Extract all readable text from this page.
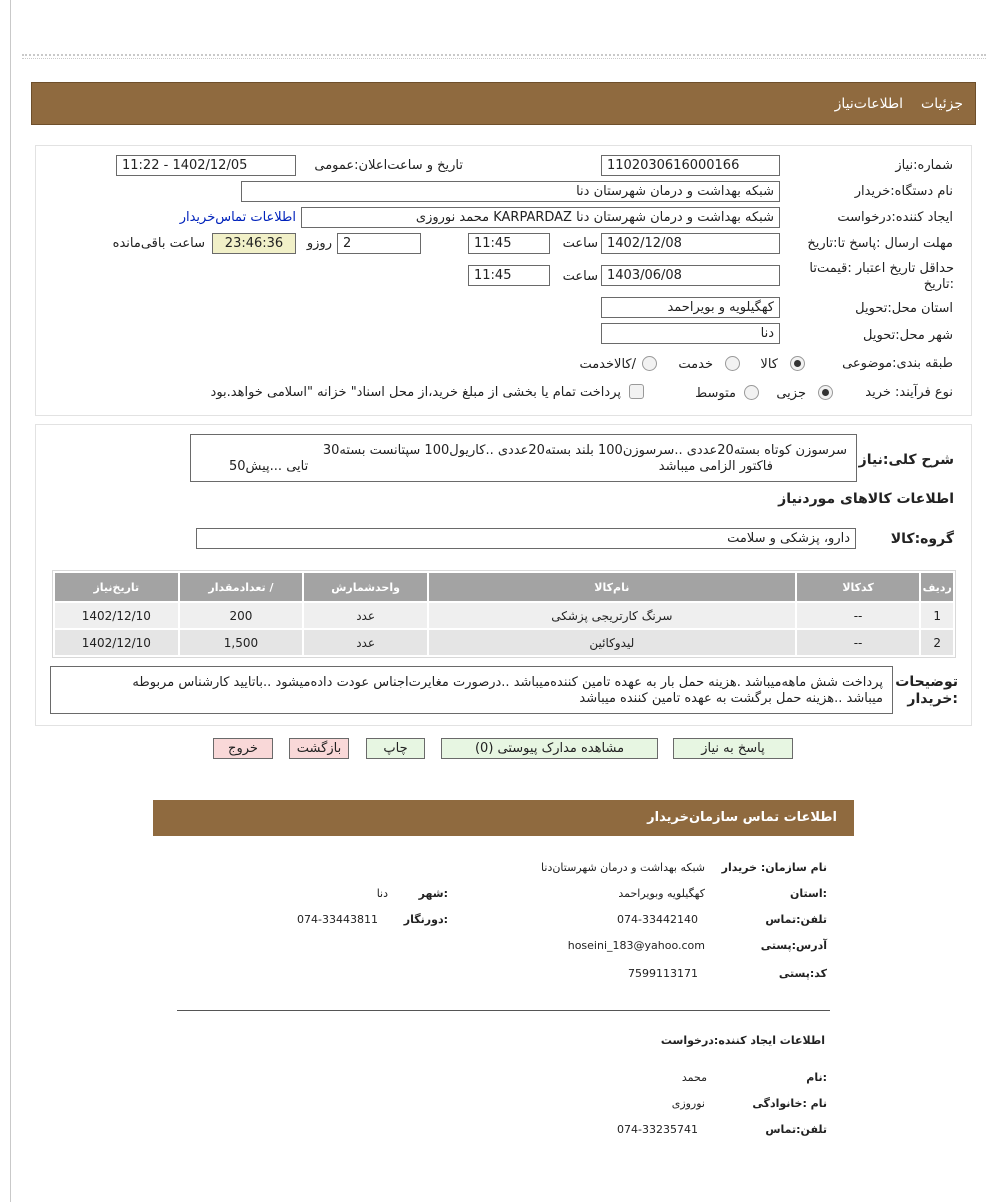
اطلاعات‌نیاز جزئیات
شماره:نیاز
1102030616000166
تاریخ و ساعت‌اعلان:عمومی
1402/12/05 - 11:22
نام دستگاه:خریدار
شبکه بهداشت و درمان شهرستان دنا
ایجاد کننده:درخواست
شبکه بهداشت و درمان شهرستان دنا KARPARDAZ محمد نوروزی
اطلاعات تماس‌خریدار
مهلت ارسال :پاسخ تا:تاریخ
1402/12/08
ساعت
11:45
2
روزو
23:46:36
ساعت باقی‌مانده
حداقل تاریخ اعتبار :قیمت‌تا
:تاریخ
1403/06/08
ساعت
11:45
استان محل:تحویل
کهگیلویه و بویراحمد
شهر محل:تحویل
دنا
طبقه بندی:موضوعی
کالا
خدمت
/کالاخدمت
نوع فرآیند: خرید
جزیی
متوسط
پرداخت تمام یا بخشی از مبلغ خرید،از محل اسناد" خزانه "اسلامی خواهد.بود
شرح کلی:نیاز
سرسوزن کوتاه بسته20عددی ..سرسوزن100 بلند بسته20عددی ..کاریول100 سپتانست بسته30
فاکتور الزامی میباشد
تایی ...پیش50
اطلاعات کالاهای مورد‌نیاز
گروه:کالا
دارو، پزشکی و سلامت
ردیف	کدکالا	نام‌کالا	واحدشمارش	/ تعدادمقدار	تاریخ‌نیاز
1	--	سرنگ کارتریجی پزشکی	عدد	200	1402/12/10
2	--	لیدوکائین	عدد	1,500	1402/12/10
توضیحات
:خریدار
پرداخت شش ماهه‌میباشد .هزینه حمل بار به عهده تامین کننده‌میباشد ..درصورت مغایرت‌اجناس عودت داده‌میشود ..باتایید کارشناس مربوطه
میباشد ..هزینه حمل برگشت به عهده تامین کننده میباشد
پاسخ به نیاز
مشاهده مدارک پیوستی (0)
چاپ
بازگشت
خروج
اطلاعات تماس سازمان‌خریدار
نام سازمان: خریدار
شبکه بهداشت و درمان شهرستان‌دنا
:استان
کهگیلویه وبویراحمد
:شهر
دنا
تلفن:تماس
074-33442140
:دورنگار
074-33443811
آدرس:پستی
hoseini_183@yahoo.com
کد:پستی
7599113171
اطلاعات ایجاد کننده:درخواست
:نام
محمد
نام :خانوادگی
نوروزی
تلفن:تماس
074-33235741
